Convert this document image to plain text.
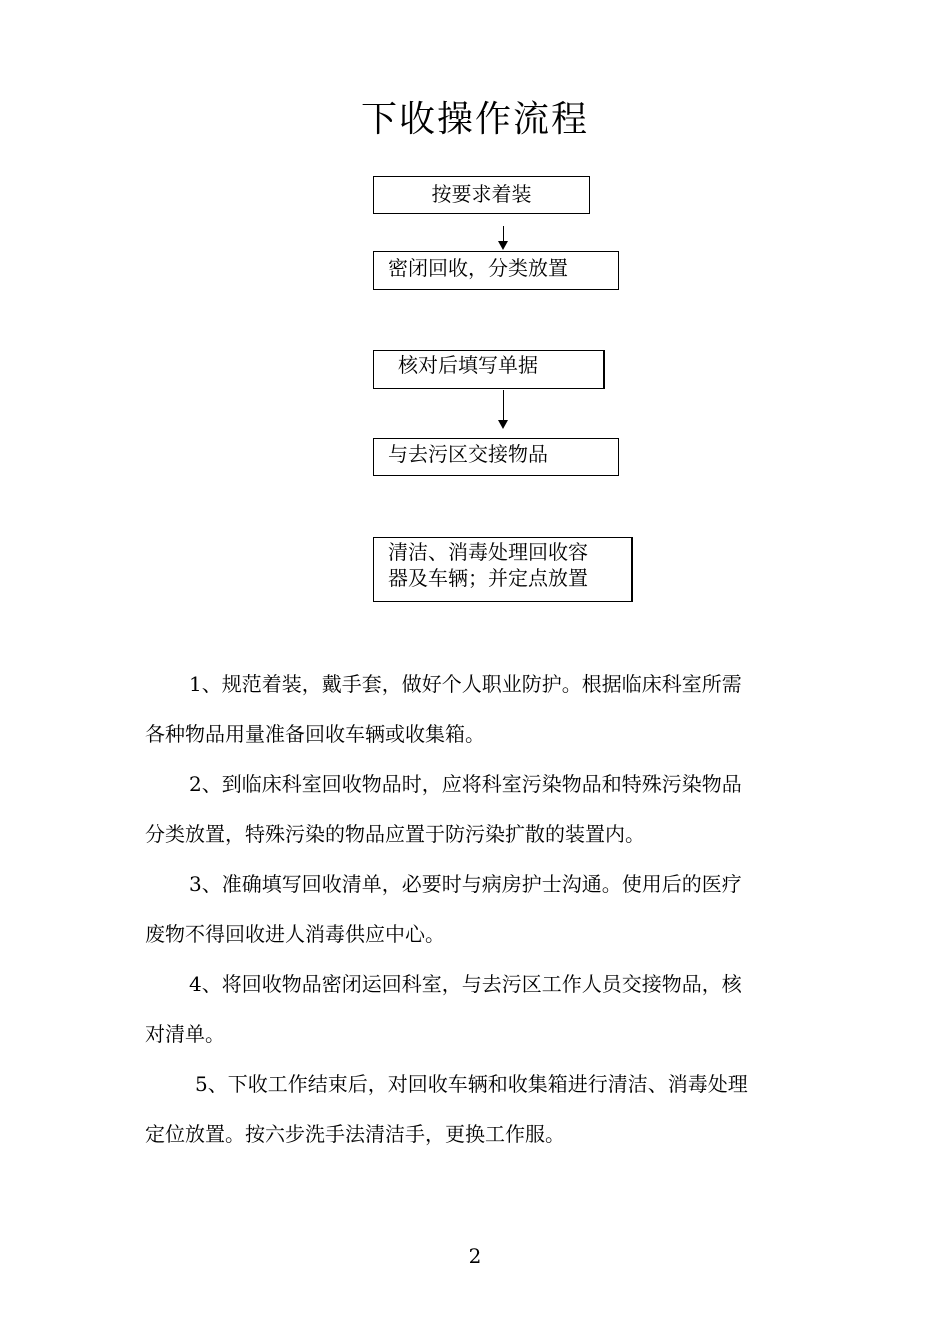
下收操作流程
按要求着装
密闭回收，分类放置
核对后填写单据
与去污区交接物品
清洁、消毒处理回收容
器及车辆；并定点放置
1、规范着装，戴手套，做好个人职业防护。根据临床科室所需
各种物品用量准备回收车辆或收集箱。
2、到临床科室回收物品时，应将科室污染物品和特殊污染物品
分类放置，特殊污染的物品应置于防污染扩散的装置内。
3、准确填写回收清单，必要时与病房护士沟通。使用后的医疗
废物不得回收进人消毒供应中心。
4、将回收物品密闭运回科室，与去污区工作人员交接物品，核
对清单。
5、下收工作结束后，对回收车辆和收集箱进行清洁、消毒处理
定位放置。按六步洗手法清洁手，更换工作服。
2
